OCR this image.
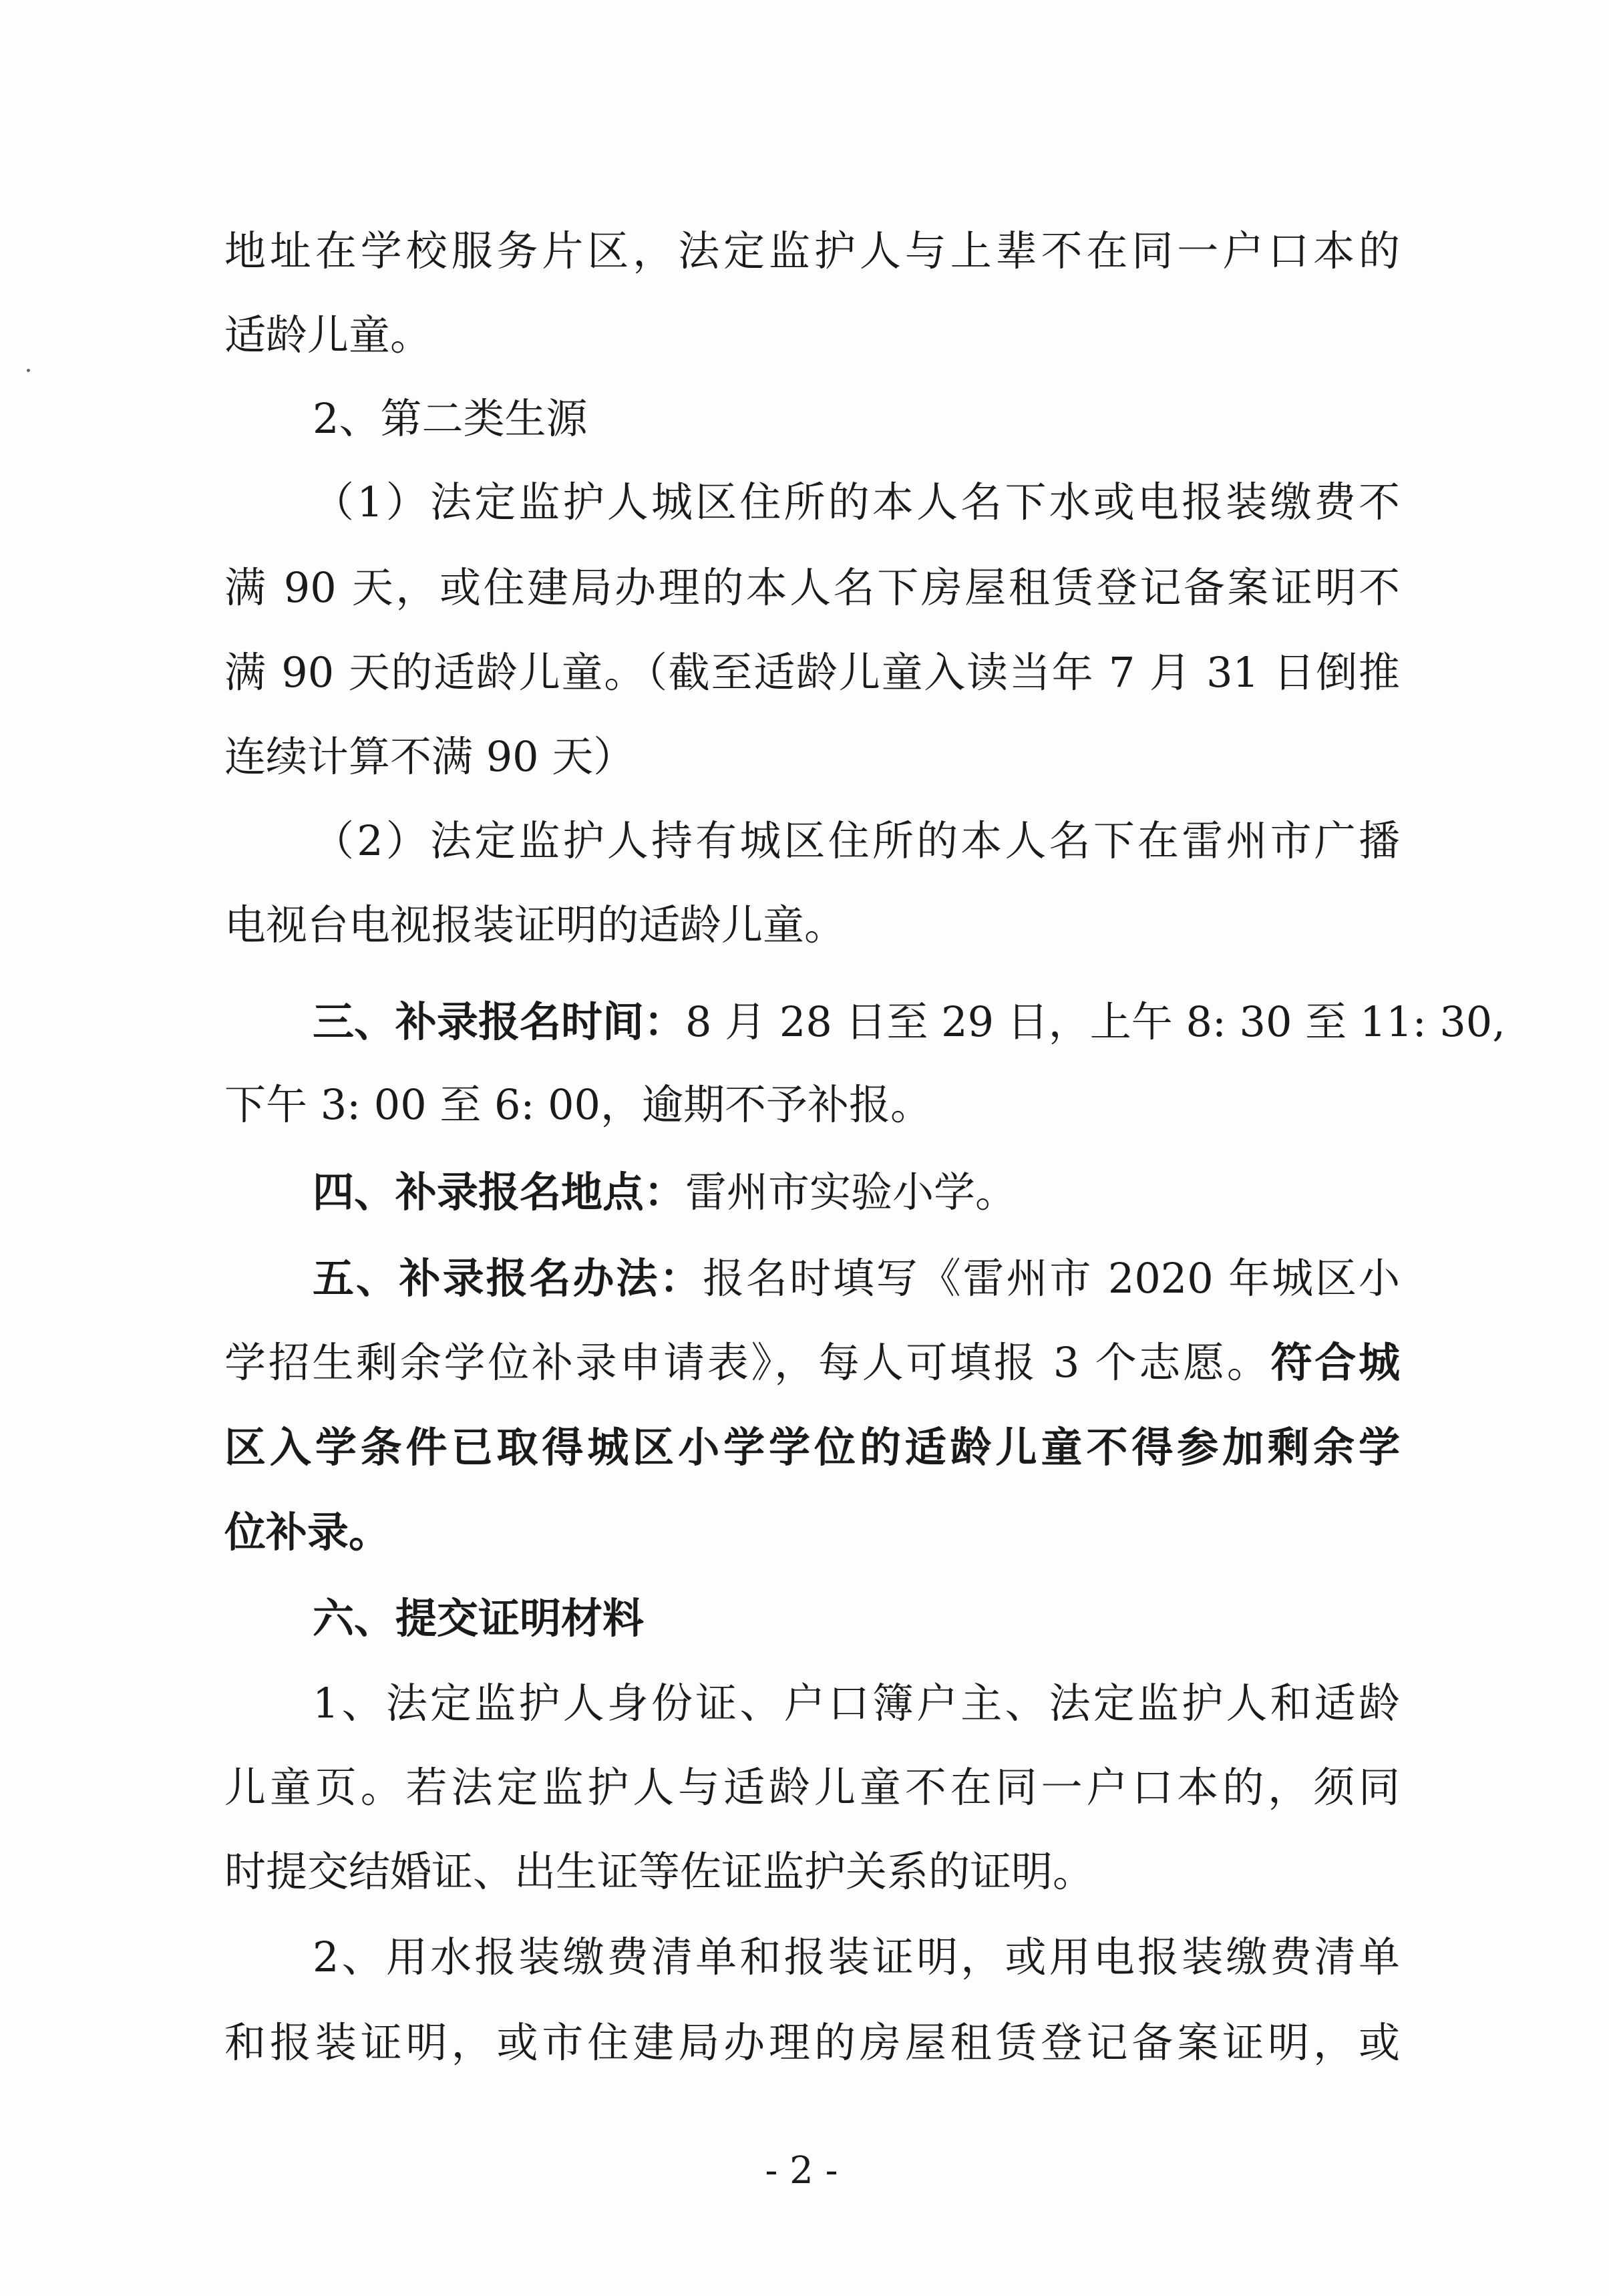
地址在学校服务片区，法定监护人与上辈不在同一户口本的
适龄儿童。
2、第二类生源
（1）法定监护人城区住所的本人名下水或电报装缴费不
满 90 天，或住建局办理的本人名下房屋租赁登记备案证明不
满 90 天的适龄儿童。（截至适龄儿童入读当年 7 月 31 日倒推
连续计算不满 90 天）
（2）法定监护人持有城区住所的本人名下在雷州市广播
电视台电视报装证明的适龄儿童。
三、补录报名时间：8 月 28 日至 29 日，上午 8: 30 至 11: 30,
下午 3: 00 至 6: 00，逾期不予补报。
四、补录报名地点：雷州市实验小学。
五、补录报名办法：报名时填写《雷州市 2020 年城区小
学招生剩余学位补录申请表》，每人可填报 3 个志愿。符合城
区入学条件已取得城区小学学位的适龄儿童不得参加剩余学
位补录。
六、提交证明材料
1、法定监护人身份证、户口簿户主、法定监护人和适龄
儿童页。若法定监护人与适龄儿童不在同一户口本的，须同
时提交结婚证、出生证等佐证监护关系的证明。
2、用水报装缴费清单和报装证明，或用电报装缴费清单
和报装证明，或市住建局办理的房屋租赁登记备案证明，或
- 2 -
